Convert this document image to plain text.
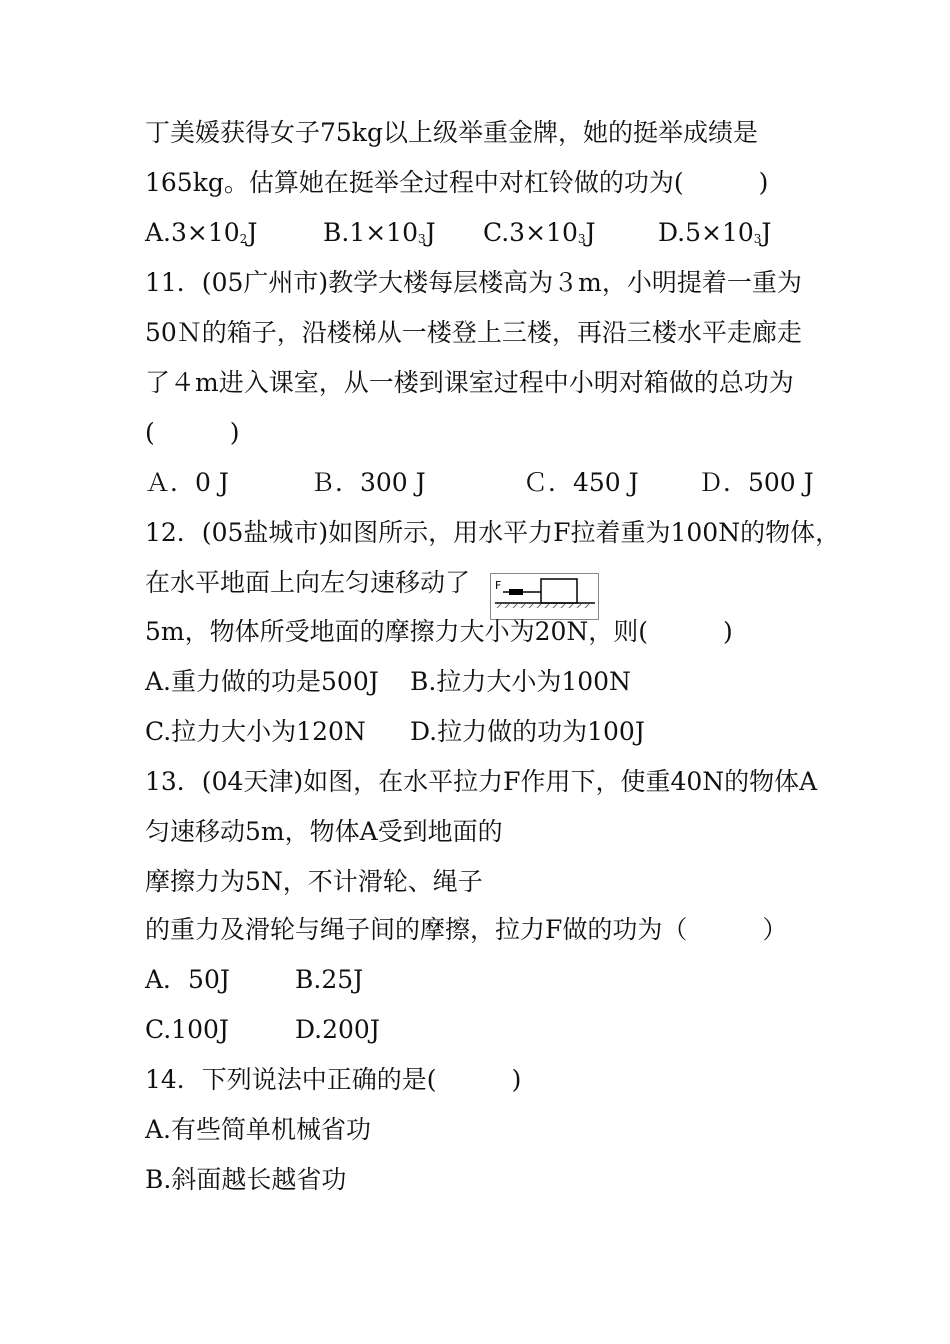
丁美媛获得女子75kg以上级举重金牌，她的挺举成绩是
165kg。估算她在挺举全过程中对杠铃做的功为(　　　)
$A.3\times 10_2J$	$B.1\times 10_3J$ $C.3\times 10_3J$ $D.5\times 10_3J$
11．(05广州市)教学大楼每层楼高为３m，小明提着一重为
50Ｎ的箱子，沿楼梯从一楼登上三楼，再沿三楼水平走廊走
了４m进入课室，从一楼到课室过程中小明对箱做的总功为
(　　　)
Ａ．0 J	Ｂ．300 J	Ｃ．450 J Ｄ．500 J
12．(05盐城市)如图所示，用水平力F拉着重为100N的物体，
在水平地面上向左匀速移动了 F
5m，物体所受地面的摩擦力大小为20N，则(　　　)
A.重力做的功是500J B.拉力大小为100N
C.拉力大小为120N D.拉力做的功为100J
13．(04天津)如图，在水平拉力F作用下，使重40N的物体A
匀速移动5m，物体A受到地面的
摩擦力为5N，不计滑轮、绳子
的重力及滑轮与绳子间的摩擦，拉力F做的功为（　　　）
A．50J	B.25J
C.100J	D.200J
14．下列说法中正确的是(　　　)
A.有些简单机械省功
B.斜面越长越省功
